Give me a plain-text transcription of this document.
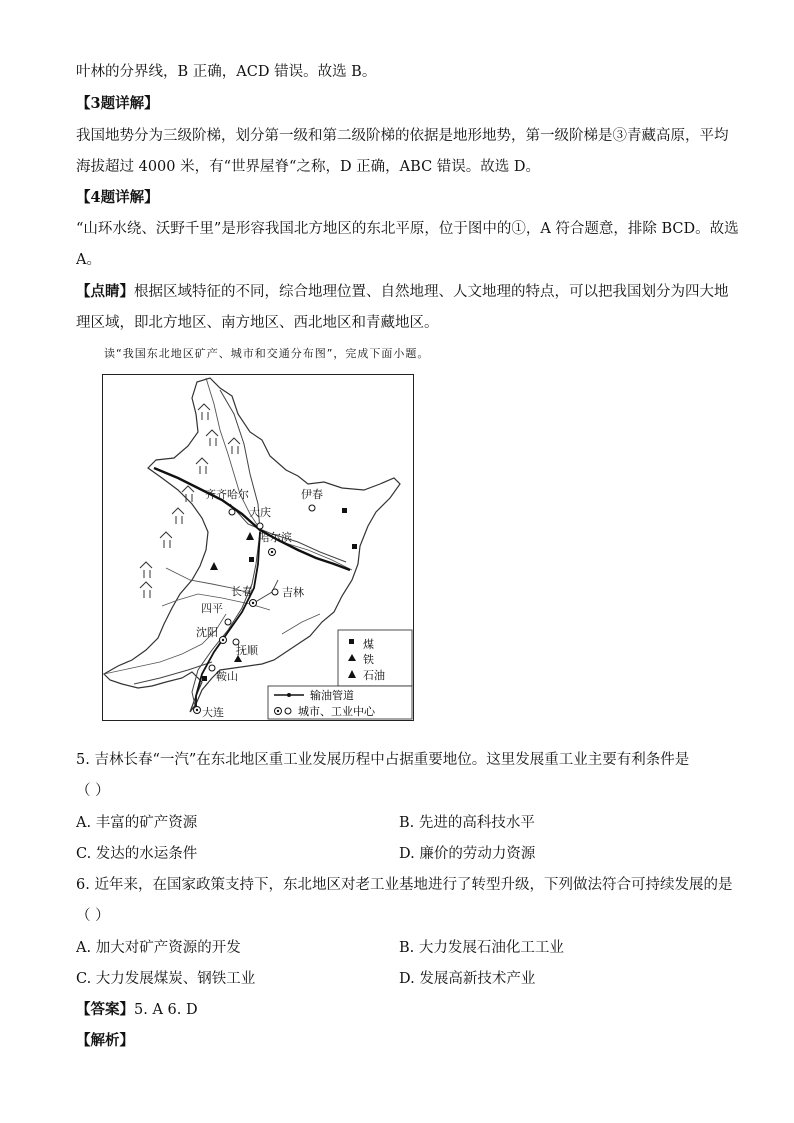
叶林的分界线，B 正确，ACD 错误。故选 B。
【3题详解】
我国地势分为三级阶梯，划分第一级和第二级阶梯的依据是地形地势，第一级阶梯是③青藏高原，平均
海拔超过 4000 米，有“世界屋脊“之称，D 正确，ABC 错误。故选 D。
【4题详解】
“山环水绕、沃野千里”是形容我国北方地区的东北平原，位于图中的①，A 符合题意，排除 BCD。故选
A。
【点睛】根据区域特征的不同，综合地理位置、自然地理、人文地理的特点，可以把我国划分为四大地
理区域，即北方地区、南方地区、西北地区和青藏地区。
读“我国东北地区矿产、城市和交通分布图”，完成下面小题。
齐齐哈尔	伊春
大庆
哈尔滨
长春	吉林
四平
沈阳
抚顺
鞍山
大连
煤
铁
石油
输油管道
城市、工业中心
5. 吉林长春“一汽”在东北地区重工业发展历程中占据重要地位。这里发展重工业主要有利条件是
（ ）
A. 丰富的矿产资源	B. 先进的高科技水平
C. 发达的水运条件	D. 廉价的劳动力资源
6. 近年来，在国家政策支持下，东北地区对老工业基地进行了转型升级，下列做法符合可持续发展的是
（ ）
A. 加大对矿产资源的开发	B. 大力发展石油化工工业
C. 大力发展煤炭、钢铁工业	D. 发展高新技术产业
【答案】5. A 6. D
【解析】
